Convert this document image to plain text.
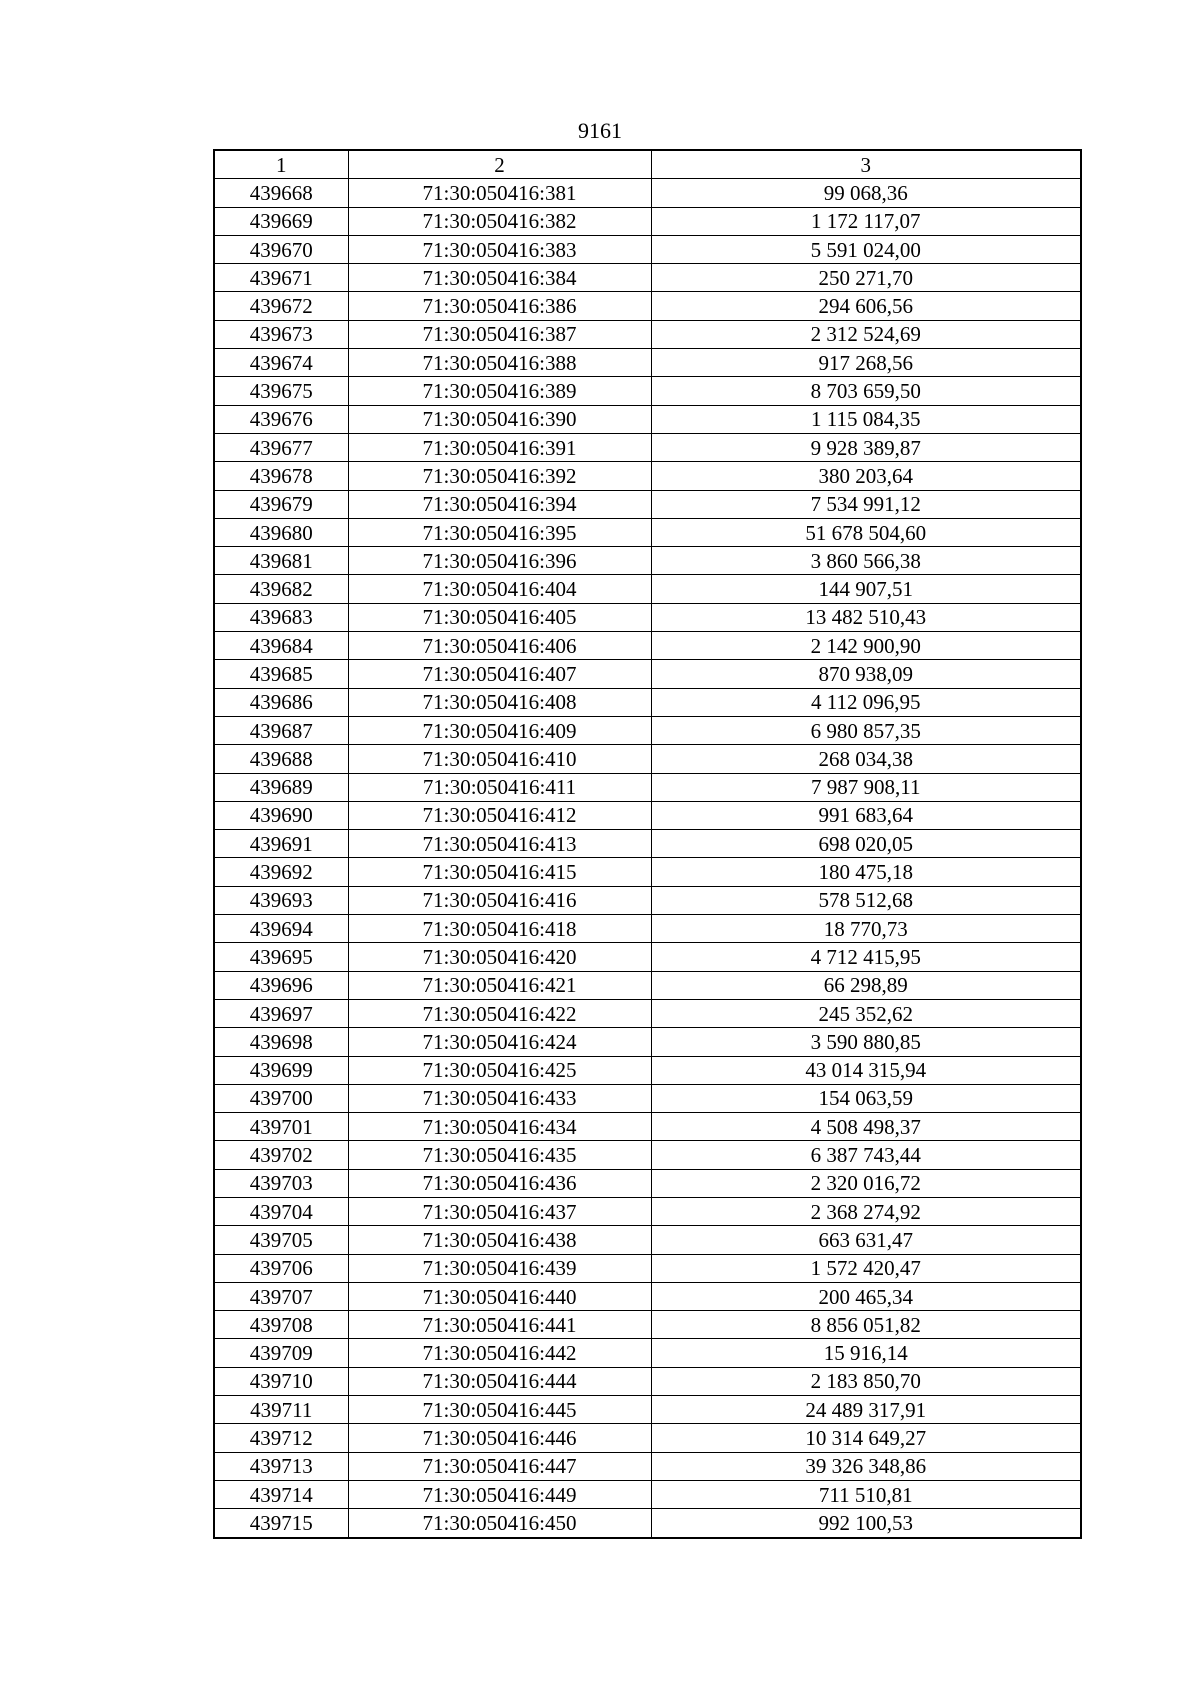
9161
1	2	3
439668	71:30:050416:381	99 068,36
439669	71:30:050416:382	1 172 117,07
439670	71:30:050416:383	5 591 024,00
439671	71:30:050416:384	250 271,70
439672	71:30:050416:386	294 606,56
439673	71:30:050416:387	2 312 524,69
439674	71:30:050416:388	917 268,56
439675	71:30:050416:389	8 703 659,50
439676	71:30:050416:390	1 115 084,35
439677	71:30:050416:391	9 928 389,87
439678	71:30:050416:392	380 203,64
439679	71:30:050416:394	7 534 991,12
439680	71:30:050416:395	51 678 504,60
439681	71:30:050416:396	3 860 566,38
439682	71:30:050416:404	144 907,51
439683	71:30:050416:405	13 482 510,43
439684	71:30:050416:406	2 142 900,90
439685	71:30:050416:407	870 938,09
439686	71:30:050416:408	4 112 096,95
439687	71:30:050416:409	6 980 857,35
439688	71:30:050416:410	268 034,38
439689	71:30:050416:411	7 987 908,11
439690	71:30:050416:412	991 683,64
439691	71:30:050416:413	698 020,05
439692	71:30:050416:415	180 475,18
439693	71:30:050416:416	578 512,68
439694	71:30:050416:418	18 770,73
439695	71:30:050416:420	4 712 415,95
439696	71:30:050416:421	66 298,89
439697	71:30:050416:422	245 352,62
439698	71:30:050416:424	3 590 880,85
439699	71:30:050416:425	43 014 315,94
439700	71:30:050416:433	154 063,59
439701	71:30:050416:434	4 508 498,37
439702	71:30:050416:435	6 387 743,44
439703	71:30:050416:436	2 320 016,72
439704	71:30:050416:437	2 368 274,92
439705	71:30:050416:438	663 631,47
439706	71:30:050416:439	1 572 420,47
439707	71:30:050416:440	200 465,34
439708	71:30:050416:441	8 856 051,82
439709	71:30:050416:442	15 916,14
439710	71:30:050416:444	2 183 850,70
439711	71:30:050416:445	24 489 317,91
439712	71:30:050416:446	10 314 649,27
439713	71:30:050416:447	39 326 348,86
439714	71:30:050416:449	711 510,81
439715	71:30:050416:450	992 100,53
